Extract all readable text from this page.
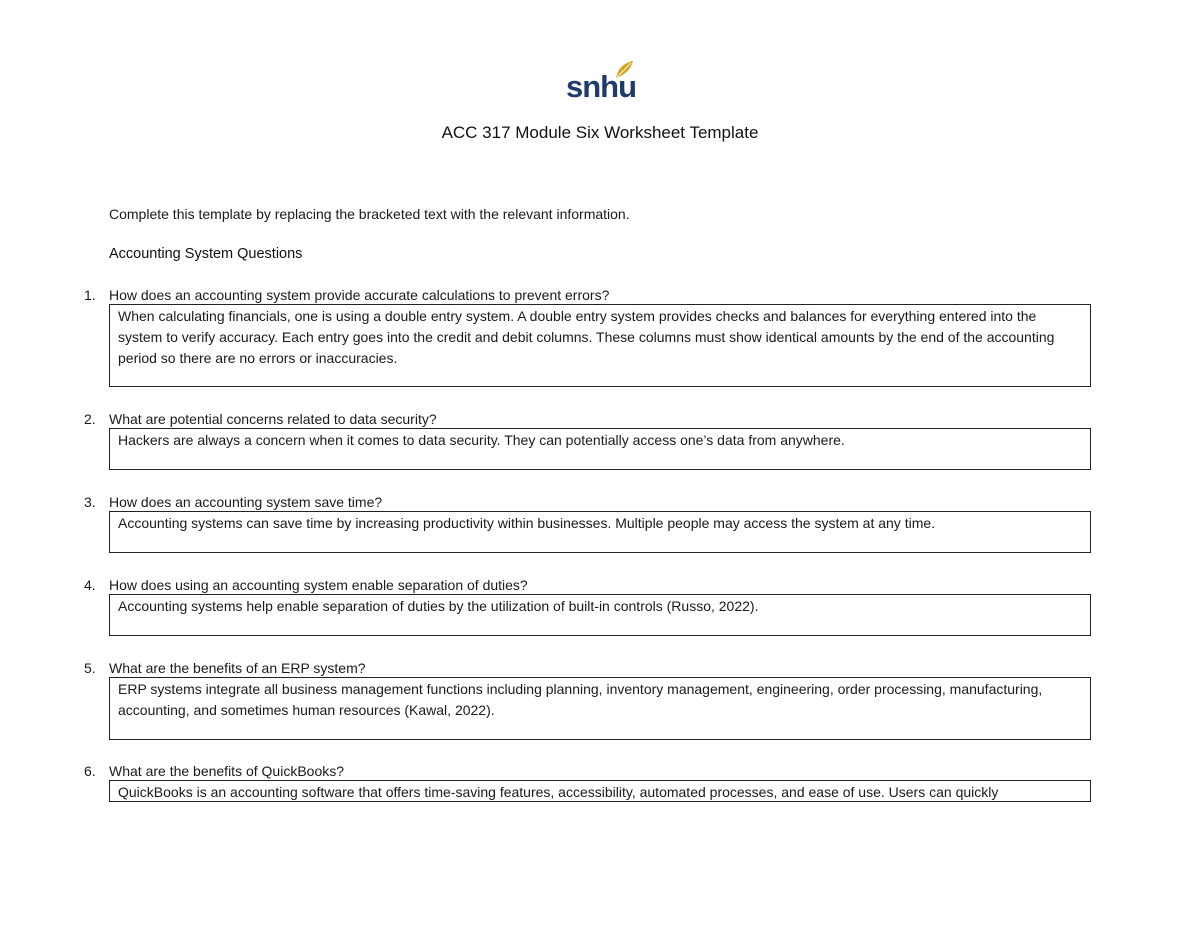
snhu
ACC 317 Module Six Worksheet Template
Complete this template by replacing the bracketed text with the relevant information.
Accounting System Questions
1. How does an accounting system provide accurate calculations to prevent errors?
When calculating financials, one is using a double entry system. A double entry system provides checks and balances for everything entered into the system to verify accuracy. Each entry goes into the credit and debit columns. These columns must show identical amounts by the end of the accounting period so there are no errors or inaccuracies.
2. What are potential concerns related to data security?
Hackers are always a concern when it comes to data security. They can potentially access one’s data from anywhere.
3. How does an accounting system save time?
Accounting systems can save time by increasing productivity within businesses. Multiple people may access the system at any time.
4. How does using an accounting system enable separation of duties?
Accounting systems help enable separation of duties by the utilization of built-in controls (Russo, 2022).
5. What are the benefits of an ERP system?
ERP systems integrate all business management functions including planning, inventory management, engineering, order processing, manufacturing, accounting, and sometimes human resources (Kawal, 2022).
6. What are the benefits of QuickBooks?
QuickBooks is an accounting software that offers time-saving features, accessibility, automated processes, and ease of use. Users can quickly
